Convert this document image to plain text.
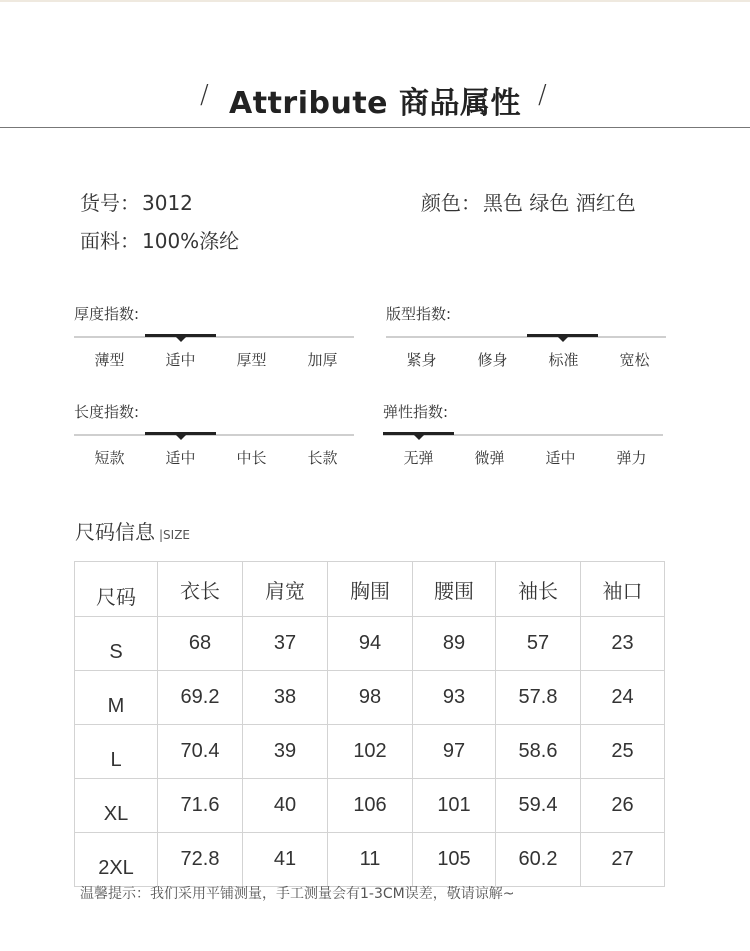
/ Attribute 商品属性 /
货号： 3012	颜色： 黑色 绿色 酒红色
面料： 100%涤纶
厚度指数:
薄型	适中	厚型	加厚
版型指数:
紧身	修身	标准	宽松
长度指数:
短款	适中	中长	长款
弹性指数:
无弹	微弹	适中	弹力
尺码信息 |SIZE
尺码	衣长	肩宽	胸围	腰围	袖长	袖口
S	68	37	94	89	57	23
M	69.2	38	98	93	57.8	24
L	70.4	39	102	97	58.6	25
XL	71.6	40	106	101	59.4	26
2XL	72.8	41	11	105	60.2	27
温馨提示：我们采用平铺测量，手工测量会有1-3CM误差，敬请谅解~
